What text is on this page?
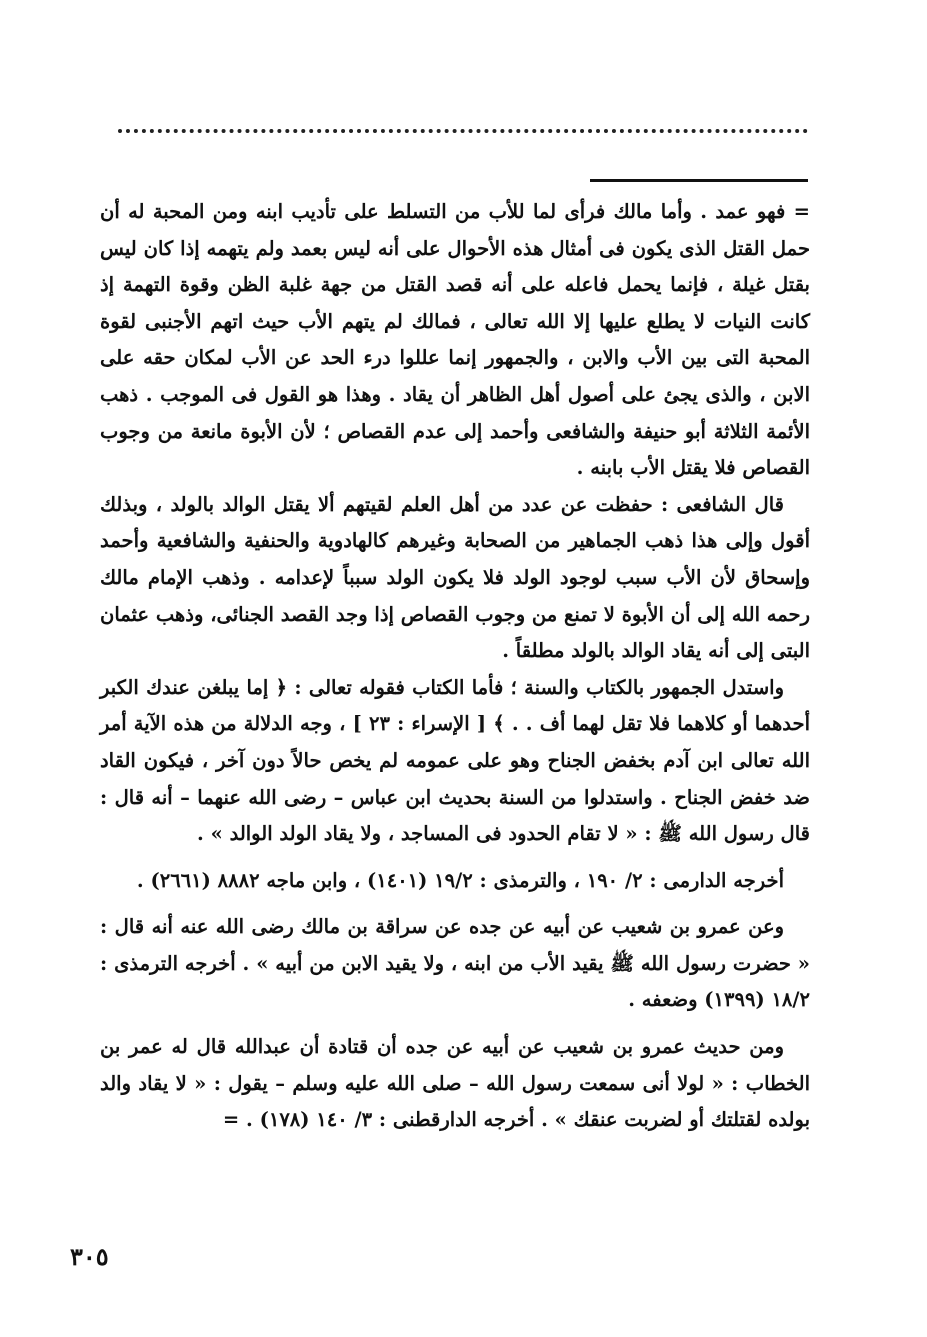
= فهو عمد . وأما مالك فرأى لما للأب من التسلط على تأديب ابنه ومن المحبة له أن حمل القتل الذى يكون فى أمثال هذه الأحوال على أنه ليس بعمد ولم يتهمه إذا كان ليس بقتل غيلة ، فإنما يحمل فاعله على أنه قصد القتل من جهة غلبة الظن وقوة التهمة إذ كانت النيات لا يطلع عليها إلا الله تعالى ، فمالك لم يتهم الأب حيث اتهم الأجنبى لقوة المحبة التى بين الأب والابن ، والجمهور إنما عللوا درء الحد عن الأب لمكان حقه على الابن ، والذى يجئ على أصول أهل الظاهر أن يقاد . وهذا هو القول فى الموجب . ذهب الأئمة الثلاثة أبو حنيفة والشافعى وأحمد إلى عدم القصاص ؛ لأن الأبوة مانعة من وجوب القصاص فلا يقتل الأب بابنه .

قال الشافعى : حفظت عن عدد من أهل العلم لقيتهم ألا يقتل الوالد بالولد ، وبذلك أقول وإلى هذا ذهب الجماهير من الصحابة وغيرهم كالهادوية والحنفية والشافعية وأحمد وإسحاق لأن الأب سبب لوجود الولد فلا يكون الولد سبباً لإعدامه . وذهب الإمام مالك رحمه الله إلى أن الأبوة لا تمنع من وجوب القصاص إذا وجد القصد الجنائى، وذهب عثمان البتى إلى أنه يقاد الوالد بالولد مطلقاً .

واستدل الجمهور بالكتاب والسنة ؛ فأما الكتاب فقوله تعالى : ﴿ إما يبلغن عندك الكبر أحدهما أو كلاهما فلا تقل لهما أف . . ﴾ [ الإسراء : ٢٣ ] ، وجه الدلالة من هذه الآية أمر الله تعالى ابن آدم بخفض الجناح وهو على عمومه لم يخص حالاً دون آخر ، فيكون القاد ضد خفض الجناح . واستدلوا من السنة بحديث ابن عباس – رضى الله عنهما – أنه قال : قال رسول الله ﷺ : « لا تقام الحدود فى المساجد ، ولا يقاد الولد الوالد » .

أخرجه الدارمى : ٢/ ١٩٠ ، والترمذى : ١٩/٢ (١٤٠١) ، وابن ماجه ٨٨٨٢ (٢٦٦١) .

وعن عمرو بن شعيب عن أبيه عن جده عن سراقة بن مالك رضى الله عنه أنه قال : « حضرت رسول الله ﷺ يقيد الأب من ابنه ، ولا يقيد الابن من أبيه » . أخرجه الترمذى : ١٨/٢ (١٣٩٩) وضعفه .

ومن حديث عمرو بن شعيب عن أبيه عن جده أن قتادة أن عبدالله قال له عمر بن الخطاب : « لولا أنى سمعت رسول الله – صلى الله عليه وسلم – يقول : « لا يقاد والد بولده لقتلتك أو لضربت عنقك » . أخرجه الدارقطنى : ٣/ ١٤٠ (١٧٨) . =

٣٠٥
